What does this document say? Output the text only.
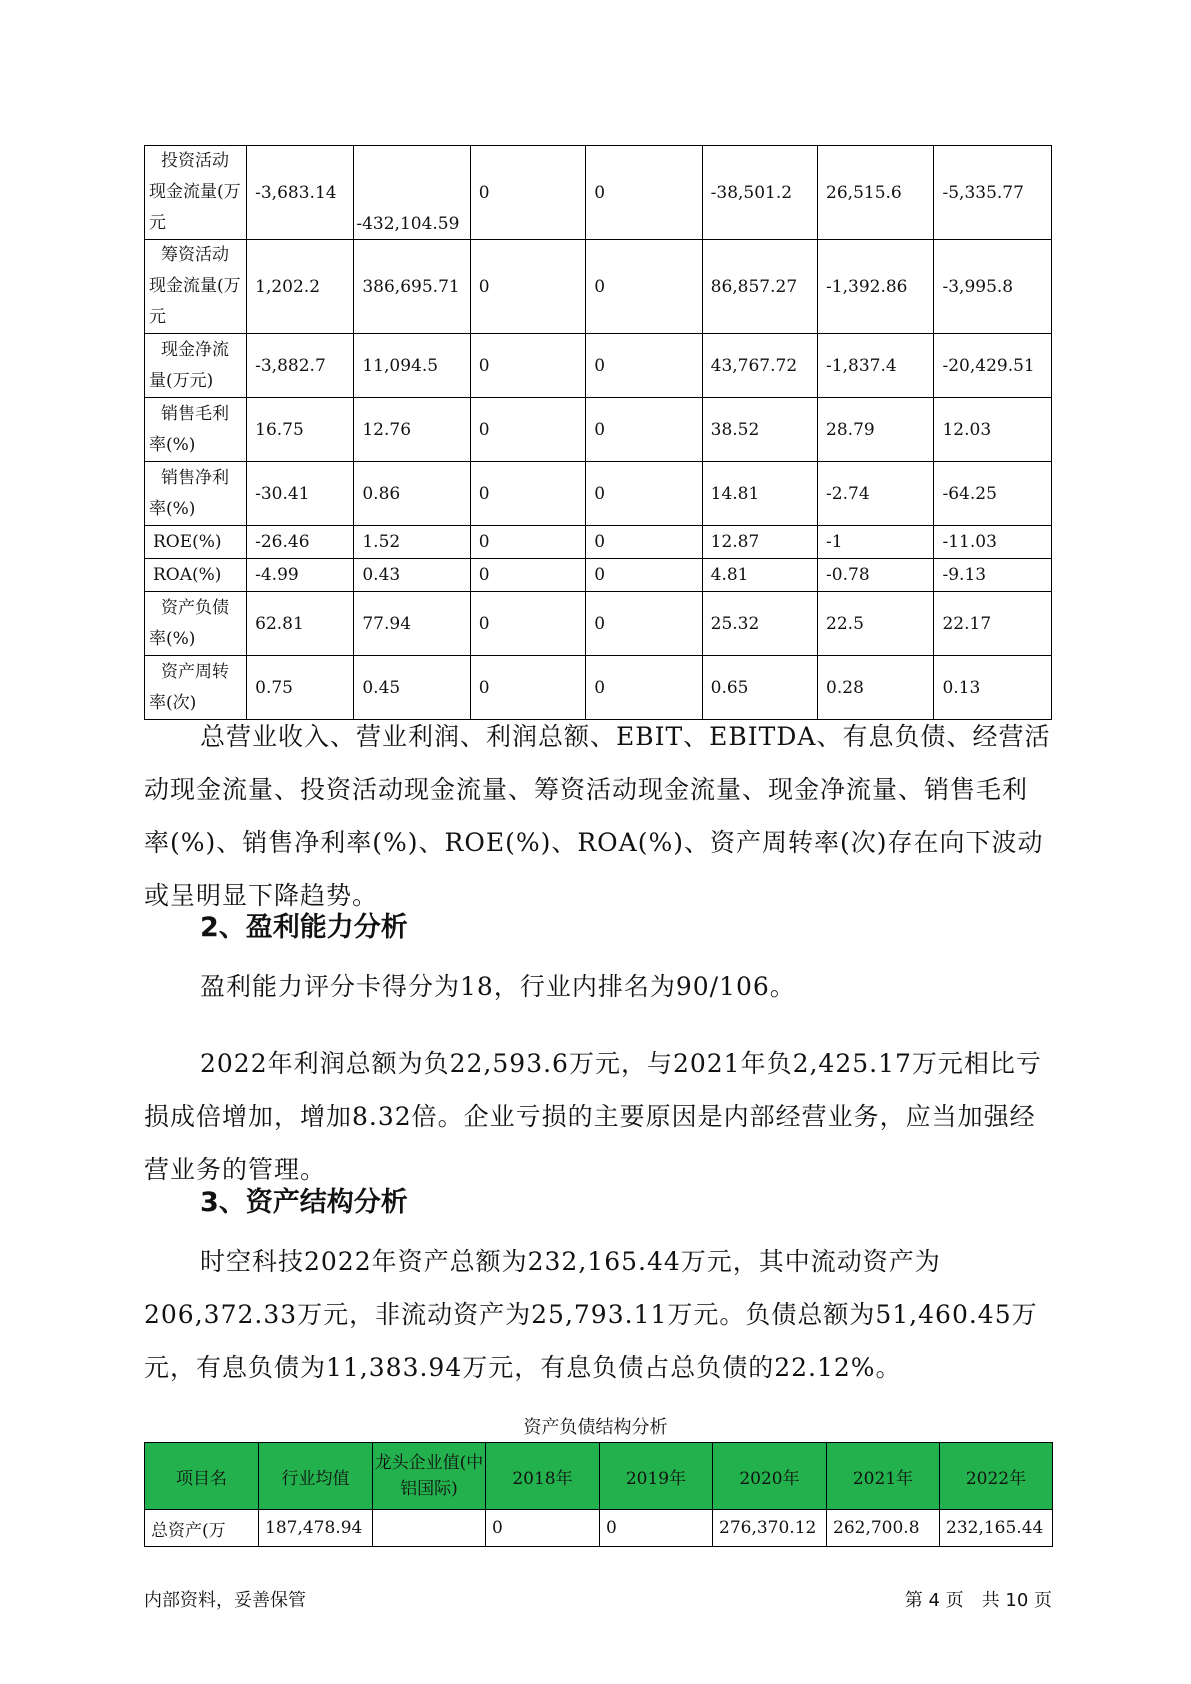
投资活动现金流量(万元	-3,683.14	-432,104.59	0	0	-38,501.2	26,515.6	-5,335.77
筹资活动现金流量(万元	1,202.2	386,695.71	0	0	86,857.27	-1,392.86	-3,995.8
现金净流量(万元)	-3,882.7	11,094.5	0	0	43,767.72	-1,837.4	-20,429.51
销售毛利率(%)	16.75	12.76	0	0	38.52	28.79	12.03
销售净利率(%)	-30.41	0.86	0	0	14.81	-2.74	-64.25
ROE(%)	-26.46	1.52	0	0	12.87	-1	-11.03
ROA(%)	-4.99	0.43	0	0	4.81	-0.78	-9.13
资产负债率(%)	62.81	77.94	0	0	25.32	22.5	22.17
资产周转率(次)	0.75	0.45	0	0	0.65	0.28	0.13

总营业收入、营业利润、利润总额、EBIT、EBITDA、有息负债、经营活动现金流量、投资活动现金流量、筹资活动现金流量、现金净流量、销售毛利率(%)、销售净利率(%)、ROE(%)、ROA(%)、资产周转率(次)存在向下波动或呈明显下降趋势。

2、盈利能力分析

盈利能力评分卡得分为18，行业内排名为90/106。

2022年利润总额为负22,593.6万元，与2021年负2,425.17万元相比亏损成倍增加，增加8.32倍。企业亏损的主要原因是内部经营业务，应当加强经营业务的管理。

3、资产结构分析

时空科技2022年资产总额为232,165.44万元，其中流动资产为206,372.33万元，非流动资产为25,793.11万元。负债总额为51,460.45万元，有息负债为11,383.94万元，有息负债占总负债的22.12%。

资产负债结构分析
项目名	行业均值	龙头企业值(中铝国际)	2018年	2019年	2020年	2021年	2022年
总资产(万	187,478.94		0	0	276,370.12	262,700.8	232,165.44
内部资料，妥善保管	第 4 页　共 10 页
